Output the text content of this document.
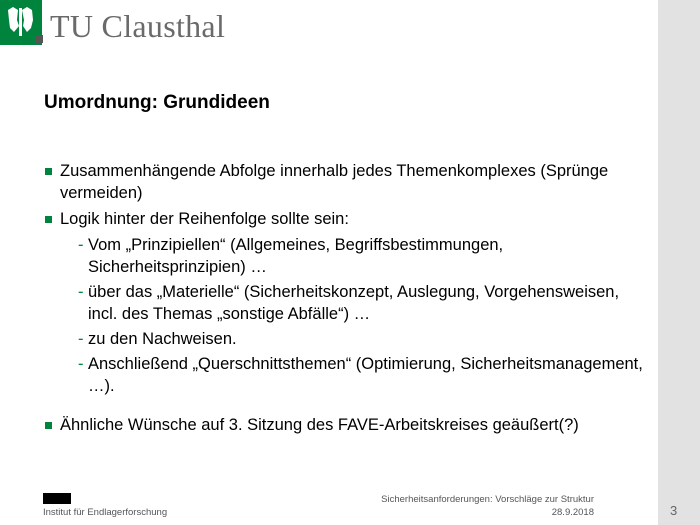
TU Clausthal
Umordnung: Grundideen
Zusammenhängende Abfolge innerhalb jedes Themenkomplexes (Sprünge vermeiden)
Logik hinter der Reihenfolge sollte sein:
- Vom „Prinzipiellen“ (Allgemeines, Begriffsbestimmungen, Sicherheitsprinzipien) …
- über das „Materielle“ (Sicherheitskonzept, Auslegung, Vorgehensweisen, incl. des Themas „sonstige Abfälle“) …
- zu den Nachweisen.
- Anschließend „Querschnittsthemen“ (Optimierung, Sicherheitsmanagement, …).
Ähnliche Wünsche auf 3. Sitzung des FAVE-Arbeitskreises geäußert(?)
Institut für Endlagerforschung
Sicherheitsanforderungen: Vorschläge zur Struktur
28.9.2018	3
